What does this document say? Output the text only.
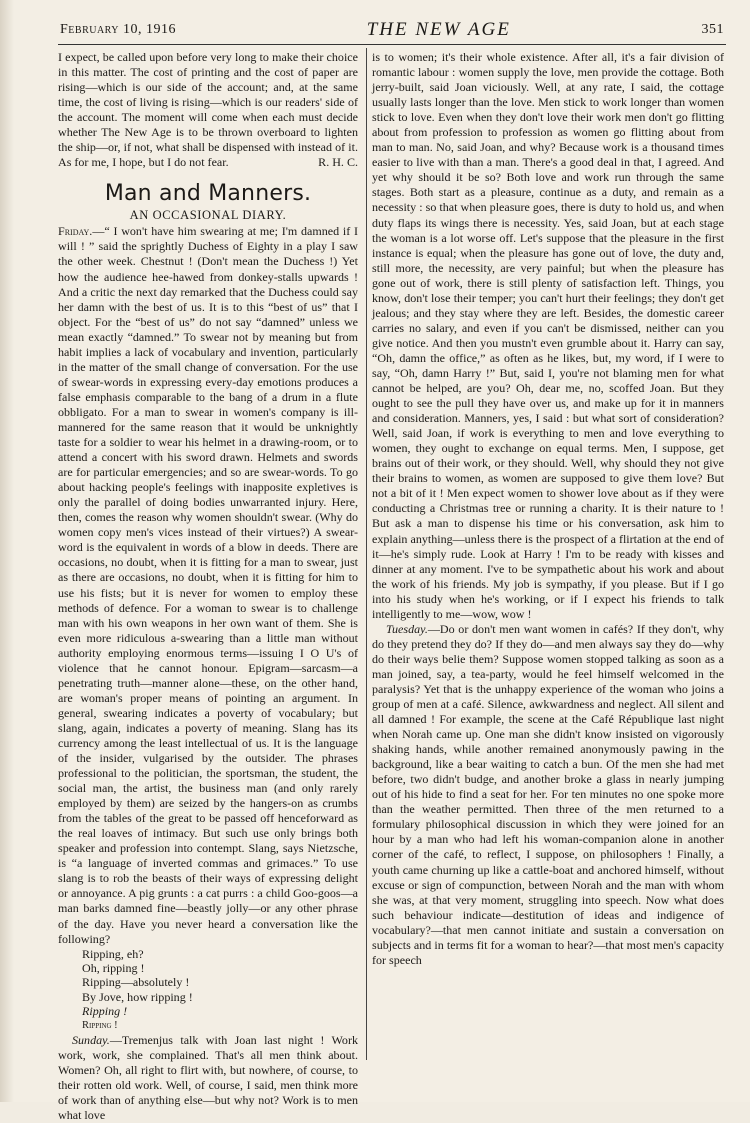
February 10, 1916	THE NEW AGE	351

I expect, be called upon before very long to make their choice in this matter. The cost of printing and the cost of paper are rising—which is our side of the account; and, at the same time, the cost of living is rising—which is our readers' side of the account. The moment will come when each must decide whether The New Age is to be thrown overboard to lighten the ship—or, if not, what shall be dispensed with instead of it. As for me, I hope, but I do not fear.	R. H. C.

Man and Manners.
AN OCCASIONAL DIARY.

Friday.—“ I won't have him swearing at me; I'm damned if I will ! ” said the sprightly Duchess of Eighty in a play I saw the other week. Chestnut ! (Don't mean the Duchess !) Yet how the audience hee-hawed from donkey-stalls upwards ! And a critic the next day remarked that the Duchess could say her damn with the best of us. It is to this “best of us” that I object. For the “best of us” do not say “damned” unless we mean exactly “damned.” To swear not by meaning but from habit implies a lack of vocabulary and invention, particularly in the matter of the small change of conversation. For the use of swear-words in expressing every-day emotions produces a false emphasis comparable to the bang of a drum in a flute obbligato. For a man to swear in women's company is ill-mannered for the same reason that it would be unknightly taste for a soldier to wear his helmet in a drawing-room, or to attend a concert with his sword drawn. Helmets and swords are for particular emergencies; and so are swear-words. To go about hacking people's feelings with inapposite expletives is only the parallel of doing bodies unwarranted injury. Here, then, comes the reason why women shouldn't swear. (Why do women copy men's vices instead of their virtues?) A swear-word is the equivalent in words of a blow in deeds. There are occasions, no doubt, when it is fitting for a man to swear, just as there are occasions, no doubt, when it is fitting for him to use his fists; but it is never for women to employ these methods of defence. For a woman to swear is to challenge man with his own weapons in her own want of them. She is even more ridiculous a-swearing than a little man without authority employing enormous terms—issuing I O U's of violence that he cannot honour. Epigram—sarcasm—a penetrating truth—manner alone—these, on the other hand, are woman's proper means of pointing an argument. In general, swearing indicates a poverty of vocabulary; but slang, again, indicates a poverty of meaning. Slang has its currency among the least intellectual of us. It is the language of the insider, vulgarised by the outsider. The phrases professional to the politician, the sportsman, the student, the social man, the artist, the business man (and only rarely employed by them) are seized by the hangers-on as crumbs from the tables of the great to be passed off henceforward as the real loaves of intimacy. But such use only brings both speaker and profession into contempt. Slang, says Nietzsche, is “a language of inverted commas and grimaces.” To use slang is to rob the beasts of their ways of expressing delight or annoyance. A pig grunts : a cat purrs : a child Goo-goos—a man barks damned fine—beastly jolly—or any other phrase of the day. Have you never heard a conversation like the following?

Ripping, eh?
Oh, ripping !
Ripping—absolutely !
By Jove, how ripping !
Ripping !
Ripping !

Sunday.—Tremenjus talk with Joan last night ! Work work, work, she complained. That's all men think about. Women? Oh, all right to flirt with, but nowhere, of course, to their rotten old work. Well, of course, I said, men think more of work than of anything else—but why not? Work is to men what love

is to women; it's their whole existence. After all, it's a fair division of romantic labour : women supply the love, men provide the cottage. Both jerry-built, said Joan viciously. Well, at any rate, I said, the cottage usually lasts longer than the love. Men stick to work longer than women stick to love. Even when they don't love their work men don't go flitting about from profession to profession as women go flitting about from man to man. No, said Joan, and why? Because work is a thousand times easier to live with than a man. There's a good deal in that, I agreed. And yet why should it be so? Both love and work run through the same stages. Both start as a pleasure, continue as a duty, and remain as a necessity : so that when pleasure goes, there is duty to hold us, and when duty flaps its wings there is necessity. Yes, said Joan, but at each stage the woman is a lot worse off. Let's suppose that the pleasure in the first instance is equal; when the pleasure has gone out of love, the duty and, still more, the necessity, are very painful; but when the pleasure has gone out of work, there is still plenty of satisfaction left. Things, you know, don't lose their temper; you can't hurt their feelings; they don't get jealous; and they stay where they are left. Besides, the domestic career carries no salary, and even if you can't be dismissed, neither can you give notice. And then you mustn't even grumble about it. Harry can say, “Oh, damn the office,” as often as he likes, but, my word, if I were to say, “Oh, damn Harry !” But, said I, you're not blaming men for what cannot be helped, are you? Oh, dear me, no, scoffed Joan. But they ought to see the pull they have over us, and make up for it in manners and consideration. Manners, yes, I said : but what sort of consideration? Well, said Joan, if work is everything to men and love everything to women, they ought to exchange on equal terms. Men, I suppose, get brains out of their work, or they should. Well, why should they not give their brains to women, as women are supposed to give them love? But not a bit of it ! Men expect women to shower love about as if they were conducting a Christmas tree or running a charity. It is their nature to ! But ask a man to dispense his time or his conversation, ask him to explain anything—unless there is the prospect of a flirtation at the end of it—he's simply rude. Look at Harry ! I'm to be ready with kisses and dinner at any moment. I've to be sympathetic about his work and about the work of his friends. My job is sympathy, if you please. But if I go into his study when he's working, or if I expect his friends to talk intelligently to me—wow, wow !

Tuesday.—Do or don't men want women in cafés? If they don't, why do they pretend they do? If they do—and men always say they do—why do their ways belie them? Suppose women stopped talking as soon as a man joined, say, a tea-party, would he feel himself welcomed in the paralysis? Yet that is the unhappy experience of the woman who joins a group of men at a café. Silence, awkwardness and neglect. All silent and all damned ! For example, the scene at the Café République last night when Norah came up. One man she didn't know insisted on vigorously shaking hands, while another remained anonymously pawing in the background, like a bear waiting to catch a bun. Of the men she had met before, two didn't budge, and another broke a glass in nearly jumping out of his hide to find a seat for her. For ten minutes no one spoke more than the weather permitted. Then three of the men returned to a formulary philosophical discussion in which they were joined for an hour by a man who had left his woman-companion alone in another corner of the café, to reflect, I suppose, on philosophers ! Finally, a youth came churning up like a cattle-boat and anchored himself, without excuse or sign of compunction, between Norah and the man with whom she was, at that very moment, struggling into speech. Now what does such behaviour indicate—destitution of ideas and indigence of vocabulary?—that men cannot initiate and sustain a conversation on subjects and in terms fit for a woman to hear?—that most men's capacity for speech
